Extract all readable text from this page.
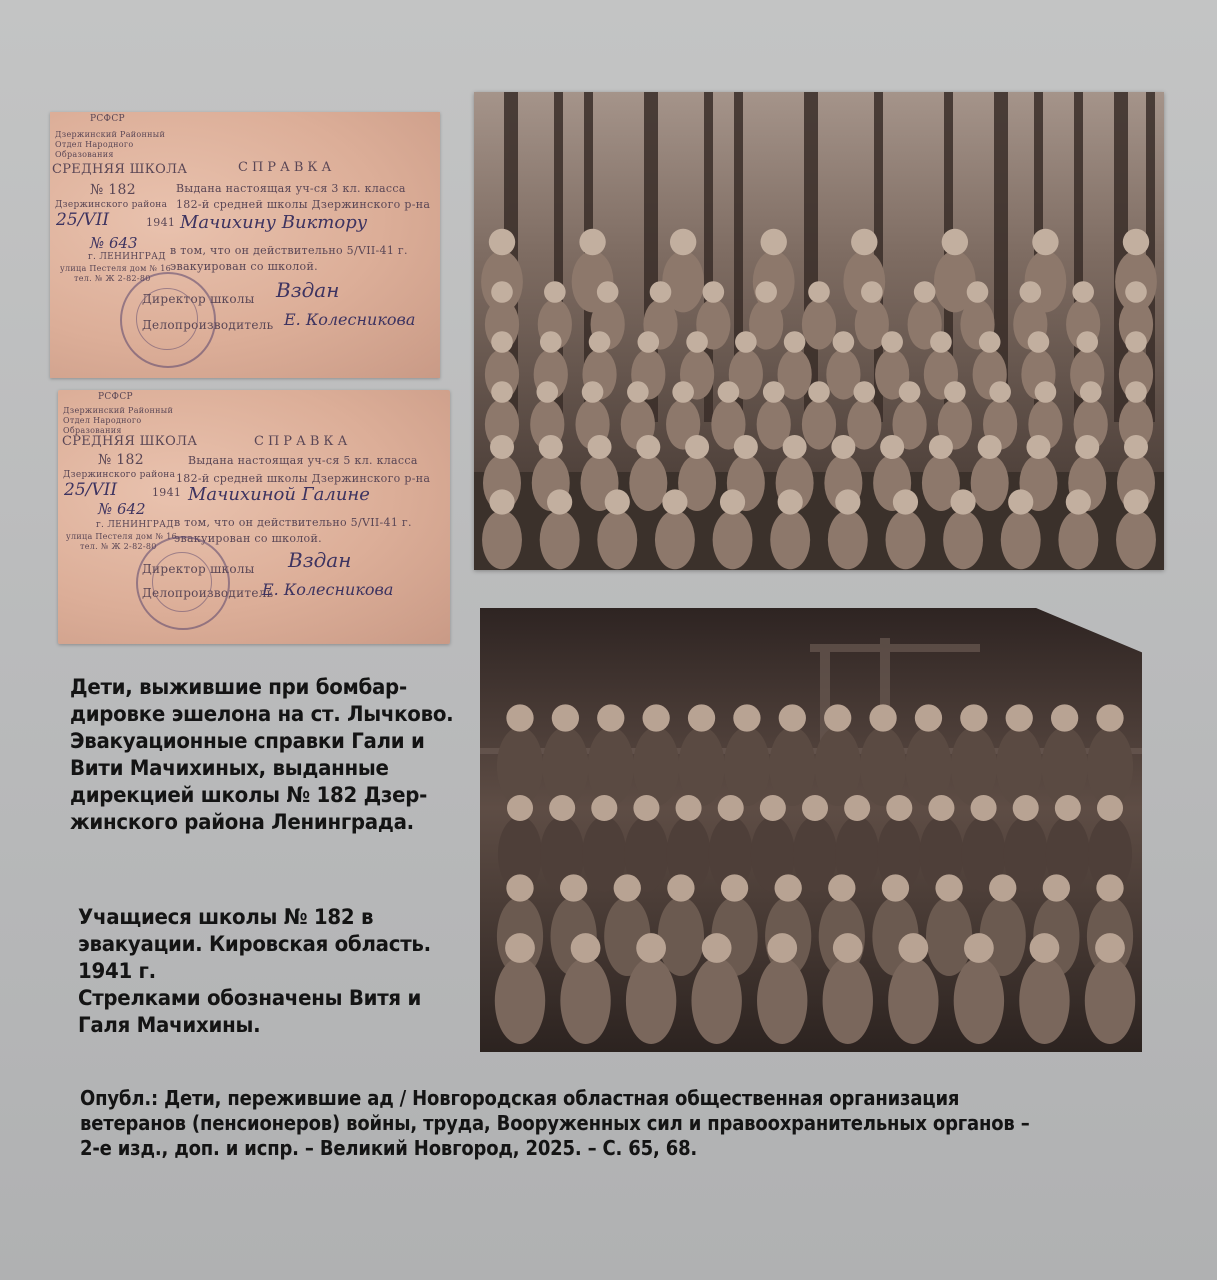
РСФСР
Дзержинский Районный Отдел Народного Образования
СРЕДНЯЯ ШКОЛА
№ 182
Дзержинского района
25/VII	1941
№ 643
г. ЛЕНИНГРАД
улица Пестеля дом № 16
тел. № Ж 2-82-80
СПРАВКА
Выдана настоящая уч-ся 3 кл. класса
182-й средней школы Дзержинского р-на
Мачихину Виктору
в том, что он действительно 5/VII-41 г.
эвакуирован со школой.
Директор школы Вздан
Делопроизводитель Е. Колесникова
РСФСР
Дзержинский Районный Отдел Народного Образования
СРЕДНЯЯ ШКОЛА
№ 182
Дзержинского района
25/VII	1941
№ 642
г. ЛЕНИНГРАД
улица Пестеля дом № 16
тел. № Ж 2-82-80
СПРАВКА
Выдана настоящая уч-ся 5 кл. класса
182-й средней школы Дзержинского р-на
Мачихиной Галине
в том, что он действительно 5/VII-41 г.
эвакуирован со школой.
Директор школы Вздан
Делопроизводитель
Е. Колесникова

Дети, выжившие при бомбар-

дировке эшелона на ст. Лычково.

Эвакуационные справки Гали и

Вити Мачихиных, выданные

дирекцией школы № 182 Дзер-

жинского района Ленинграда.

Учащиеся школы № 182 в

эвакуации. Кировская область.

1941 г.

Стрелками обозначены Витя и

Галя Мачихины.

Опубл.: Дети, пережившие ад / Новгородская областная общественная организация

ветеранов (пенсионеров) войны, труда, Вооруженных сил и правоохранительных органов –

2-е изд., доп. и испр. – Великий Новгород, 2025. – С. 65, 68.
